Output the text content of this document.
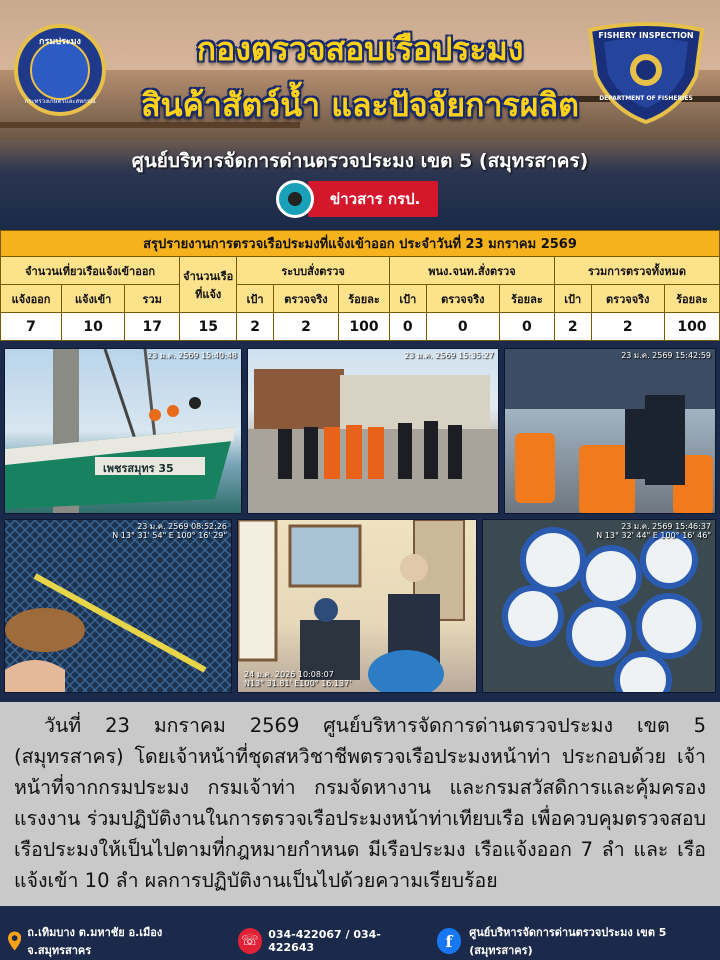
กรมประมง
กระทรวงเกษตรและสหกรณ์
FISHERY INSPECTION
DEPARTMENT OF FISHERIES
กองตรวจสอบเรือประมง
สินค้าสัตว์น้ำ และปัจจัยการผลิต
ศูนย์บริหารจัดการด่านตรวจประมง เขต 5 (สมุทรสาคร)
ข่าวสาร กรป.
สรุปรายงานการตรวจเรือประมงที่แจ้งเข้าออก ประจำวันที่ 23 มกราคม 2569												
จำนวนเที่ยวเรือแจ้งเข้าออก			จำนวนเรือที่แจ้ง	ระบบสั่งตรวจ			พนง.จนท.สั่งตรวจ			รวมการตรวจทั้งหมด		
แจ้งออก	แจ้งเข้า	รวม		เป้า	ตรวจจริง	ร้อยละ	เป้า	ตรวจจริง	ร้อยละ	เป้า	ตรวจจริง	ร้อยละ
7	10	17	15	2	2	100	0	0	0	2	2	100
23 ม.ค. 2569 15:40:48
เพชรสมุทร 35
23 ม.ค. 2569 15:35:27	23 ม.ค. 2569 15:42:59
23 ม.ค. 2569 08:52:26
N 13° 31' 54" E 100° 16' 29"
24 ม.ค. 2026 10:08:07
N13° 31.81' E100° 16.137'
23 ม.ค. 2569 15:46:37
N 13° 32' 44" E 100° 16' 46"

วันที่ 23 มกราคม 2569 ศูนย์บริหารจัดการด่านตรวจประมง เขต 5 (สมุทรสาคร) โดยเจ้าหน้าที่ชุดสหวิชาชีพตรวจเรือประมงหน้าท่า ประกอบด้วย เจ้าหน้าที่จากกรมประมง กรมเจ้าท่า กรมจัดหางาน และกรมสวัสดิการและคุ้มครองแรงงาน ร่วมปฏิบัติงานในการตรวจเรือประมงหน้าท่าเทียบเรือ เพื่อควบคุมตรวจสอบเรือประมงให้เป็นไปตามที่กฎหมายกำหนด มีเรือประมง เรือแจ้งออก 7 ลำ และ เรือแจ้งเข้า 10 ลำ ผลการปฏิบัติงานเป็นไปด้วยความเรียบร้อย

ถ.เทิมบาง ต.มหาชัย อ.เมือง จ.สมุทรสาคร
☏ 034-422067 / 034-422643	f	ศูนย์บริหารจัดการด่านตรวจประมง เขต 5 (สมุทรสาคร)
